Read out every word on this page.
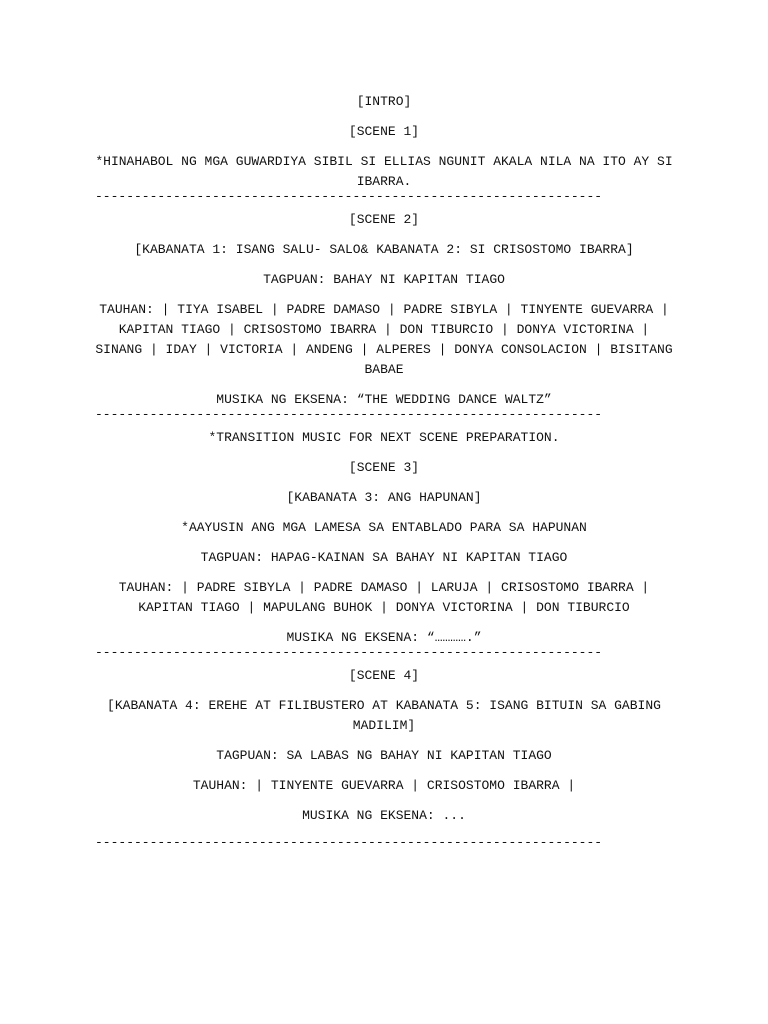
[INTRO]
[SCENE 1]
*HINAHABOL NG MGA GUWARDIYA SIBIL SI ELLIAS NGUNIT AKALA NILA NA ITO AY SI IBARRA.
-----------------------------------------------------------------
[SCENE 2]
[KABANATA 1: ISANG SALU- SALO& KABANATA 2: SI CRISOSTOMO IBARRA]
TAGPUAN: BAHAY NI KAPITAN TIAGO
TAUHAN: | TIYA ISABEL | PADRE DAMASO | PADRE SIBYLA | TINYENTE GUEVARRA | KAPITAN TIAGO | CRISOSTOMO IBARRA | DON TIBURCIO | DONYA VICTORINA | SINANG | IDAY | VICTORIA | ANDENG | ALPERES | DONYA CONSOLACION | BISITANG BABAE
MUSIKA NG EKSENA: “THE WEDDING DANCE WALTZ”
-----------------------------------------------------------------
*TRANSITION MUSIC FOR NEXT SCENE PREPARATION.
[SCENE 3]
[KABANATA 3: ANG HAPUNAN]
*AAYUSIN ANG MGA LAMESA SA ENTABLADO PARA SA HAPUNAN
TAGPUAN: HAPAG-KAINAN SA BAHAY NI KAPITAN TIAGO
TAUHAN: | PADRE SIBYLA | PADRE DAMASO | LARUJA | CRISOSTOMO IBARRA | KAPITAN TIAGO | MAPULANG BUHOK | DONYA VICTORINA | DON TIBURCIO
MUSIKA NG EKSENA: “………….”
-----------------------------------------------------------------
[SCENE 4]
[KABANATA 4: EREHE AT FILIBUSTERO AT KABANATA 5: ISANG BITUIN SA GABING MADILIM]
TAGPUAN: SA LABAS NG BAHAY NI KAPITAN TIAGO
TAUHAN: | TINYENTE GUEVARRA | CRISOSTOMO IBARRA |
MUSIKA NG EKSENA: ...
-----------------------------------------------------------------
